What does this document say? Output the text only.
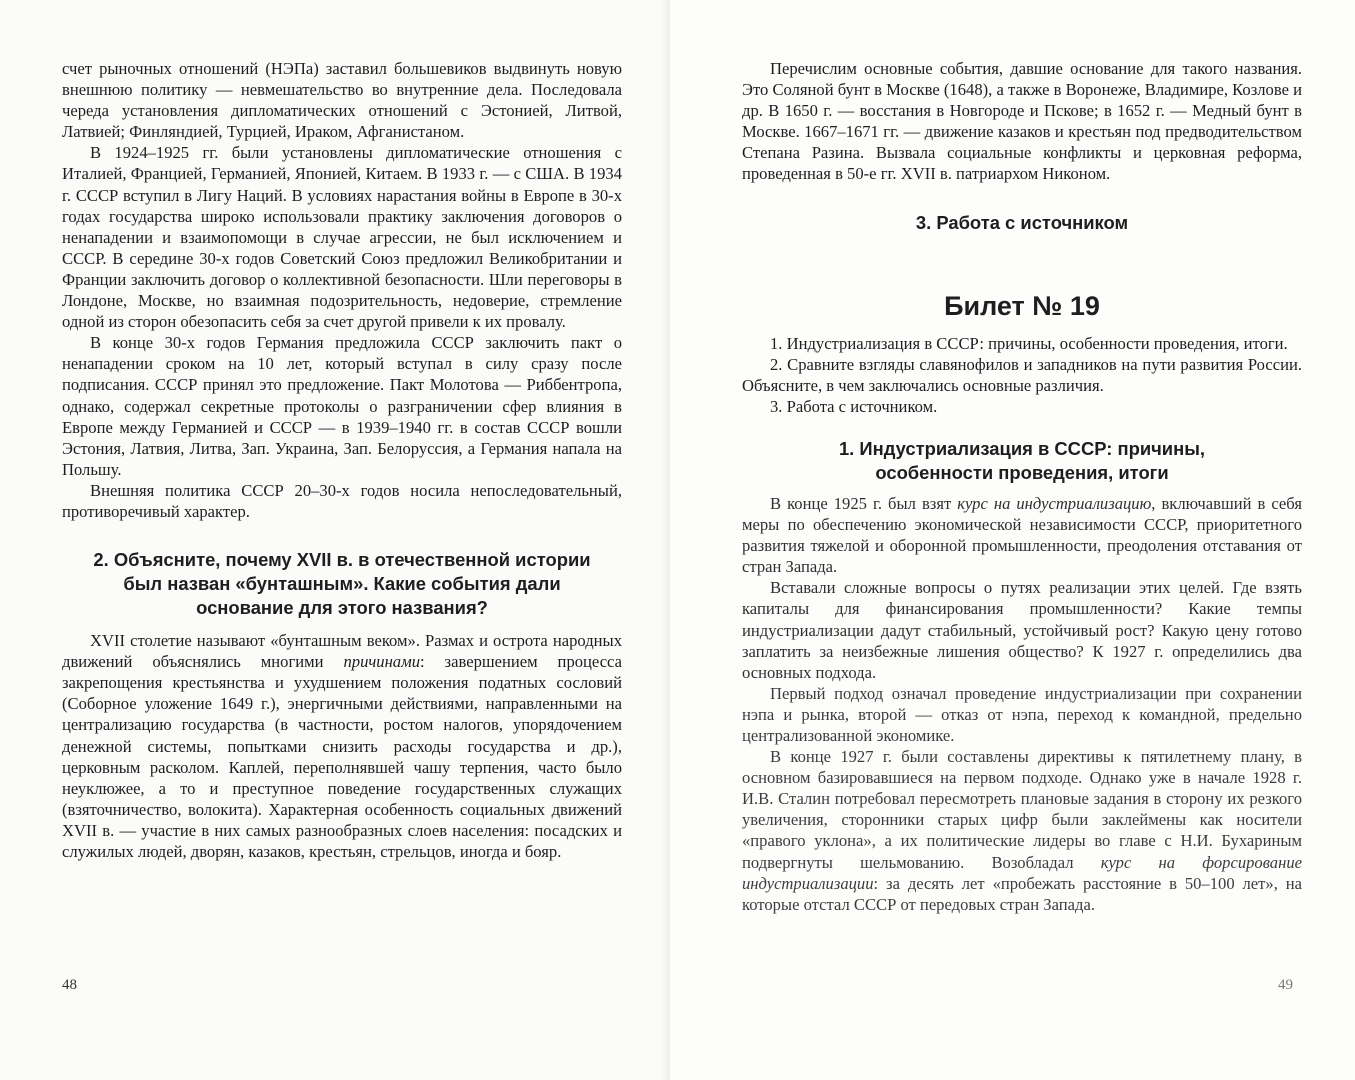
счет рыночных отношений (НЭПа) заставил большевиков выдвинуть новую внешнюю политику — невмешательство во внутренние дела. Последовала череда установления дипломатических отношений с Эстонией, Литвой, Латвией; Финляндией, Турцией, Ираком, Афганистаном.

В 1924–1925 гг. были установлены дипломатические отношения с Италией, Францией, Германией, Японией, Китаем. В 1933 г. — с США. В 1934 г. СССР вступил в Лигу Наций. В условиях нарастания войны в Европе в 30-х годах государства широко использовали практику заключения договоров о ненападении и взаимопомощи в случае агрессии, не был исключением и СССР. В середине 30-х годов Советский Союз предложил Великобритании и Франции заключить договор о коллективной безопасности. Шли переговоры в Лондоне, Москве, но взаимная подозрительность, недоверие, стремление одной из сторон обезопасить себя за счет другой привели к их провалу.

В конце 30-х годов Германия предложила СССР заключить пакт о ненападении сроком на 10 лет, который вступал в силу сразу после подписания. СССР принял это предложение. Пакт Молотова — Риббентропа, однако, содержал секретные протоколы о разграничении сфер влияния в Европе между Германией и СССР — в 1939–1940 гг. в состав СССР вошли Эстония, Латвия, Литва, Зап. Украина, Зап. Белоруссия, а Германия напала на Польшу.

Внешняя политика СССР 20–30-х годов носила непоследовательный, противоречивый характер.

2. Объясните, почему XVII в. в отечественной истории был назван «бунташным». Какие события дали основание для этого названия?

XVII столетие называют «бунташным веком». Размах и острота народных движений объяснялись многими причинами: завершением процесса закрепощения крестьянства и ухудшением положения податных сословий (Соборное уложение 1649 г.), энергичными действиями, направленными на централизацию государства (в частности, ростом налогов, упорядочением денежной системы, попытками снизить расходы государства и др.), церковным расколом. Каплей, переполнявшей чашу терпения, часто было неуклюжее, а то и преступное поведение государственных служащих (взяточничество, волокита). Характерная особенность социальных движений XVII в. — участие в них самых разнообразных слоев населения: посадских и служилых людей, дворян, казаков, крестьян, стрельцов, иногда и бояр.

48

Перечислим основные события, давшие основание для такого названия. Это Соляной бунт в Москве (1648), а также в Воронеже, Владимире, Козлове и др. В 1650 г. — восстания в Новгороде и Пскове; в 1652 г. — Медный бунт в Москве. 1667–1671 гг. — движение казаков и крестьян под предводительством Степана Разина. Вызвала социальные конфликты и церковная реформа, проведенная в 50-е гг. XVII в. патриархом Никоном.

3. Работа с источником
Билет № 19

1. Индустриализация в СССР: причины, особенности проведения, итоги.

2. Сравните взгляды славянофилов и западников на пути развития России. Объясните, в чем заключались основные различия.

3. Работа с источником.

1. Индустриализация в СССР: причины, особенности проведения, итоги

В конце 1925 г. был взят курс на индустриализацию, включавший в себя меры по обеспечению экономической независимости СССР, приоритетного развития тяжелой и оборонной промышленности, преодоления отставания от стран Запада.

Вставали сложные вопросы о путях реализации этих целей. Где взять капиталы для финансирования промышленности? Какие темпы индустриализации дадут стабильный, устойчивый рост? Какую цену готово заплатить за неизбежные лишения общество? К 1927 г. определились два основных подхода.

Первый подход означал проведение индустриализации при сохранении нэпа и рынка, второй — отказ от нэпа, переход к командной, предельно централизованной экономике.

В конце 1927 г. были составлены директивы к пятилетнему плану, в основном базировавшиеся на первом подходе. Однако уже в начале 1928 г. И.В. Сталин потребовал пересмотреть плановые задания в сторону их резкого увеличения, сторонники старых цифр были заклеймены как носители «правого уклона», а их политические лидеры во главе с Н.И. Бухариным подвергнуты шельмованию. Возобладал курс на форсирование индустриализации: за десять лет «пробежать расстояние в 50–100 лет», на которые отстал СССР от передовых стран Запада.

49
